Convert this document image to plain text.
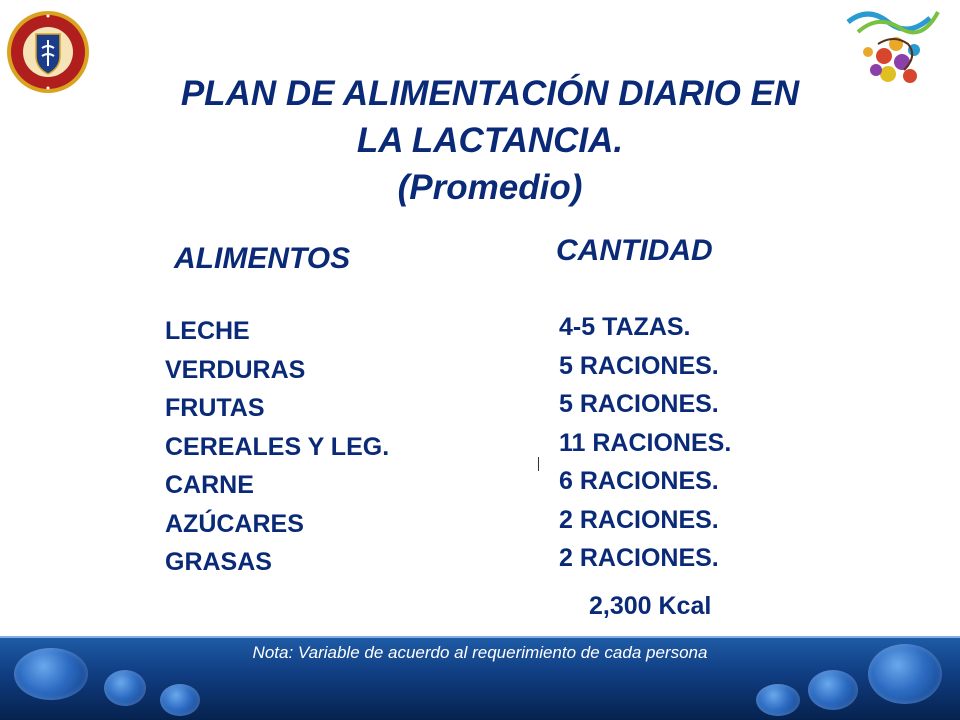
PLAN DE ALIMENTACIÓN DIARIO EN
LA LACTANCIA.
(Promedio)
ALIMENTOS	CANTIDAD
LECHE
VERDURAS
FRUTAS
CEREALES Y LEG.
CARNE
AZÚCARES
GRASAS
4-5 TAZAS.
5 RACIONES.
5 RACIONES.
11 RACIONES.
6 RACIONES.
2 RACIONES.
2 RACIONES.
2,300 Kcal
Nota: Variable de acuerdo al requerimiento de cada persona
